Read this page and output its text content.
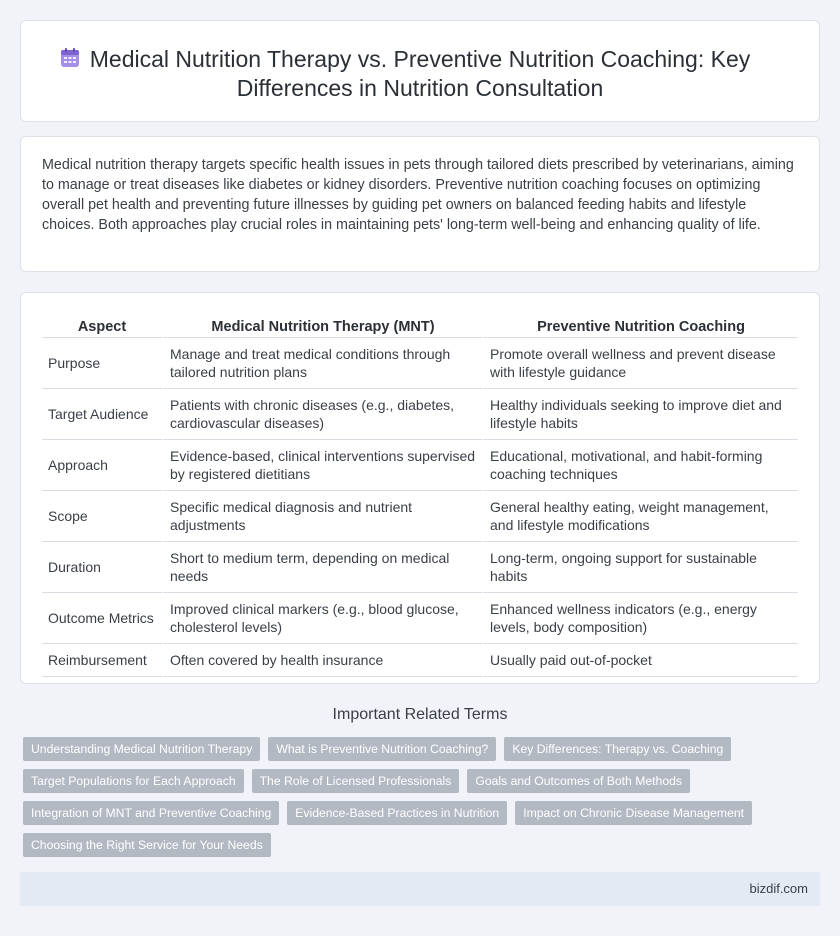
Medical Nutrition Therapy vs. Preventive Nutrition Coaching: Key
Differences in Nutrition Consultation

Medical nutrition therapy targets specific health issues in pets through tailored diets prescribed by veterinarians, aiming to manage or treat diseases like diabetes or kidney disorders. Preventive nutrition coaching focuses on optimizing overall pet health and preventing future illnesses by guiding pet owners on balanced feeding habits and lifestyle choices. Both approaches play crucial roles in maintaining pets' long-term well-being and enhancing quality of life.

Aspect	Medical Nutrition Therapy (MNT)	Preventive Nutrition Coaching
Purpose	Manage and treat medical conditions through tailored nutrition plans	Promote overall wellness and prevent disease with lifestyle guidance
Target Audience	Patients with chronic diseases (e.g., diabetes, cardiovascular diseases)	Healthy individuals seeking to improve diet and lifestyle habits
Approach	Evidence-based, clinical interventions supervised by registered dietitians	Educational, motivational, and habit-forming coaching techniques
Scope	Specific medical diagnosis and nutrient adjustments	General healthy eating, weight management, and lifestyle modifications
Duration	Short to medium term, depending on medical needs	Long-term, ongoing support for sustainable habits
Outcome Metrics	Improved clinical markers (e.g., blood glucose, cholesterol levels)	Enhanced wellness indicators (e.g., energy levels, body composition)
Reimbursement	Often covered by health insurance	Usually paid out-of-pocket
Important Related Terms
Understanding Medical Nutrition Therapy	What is Preventive Nutrition Coaching?	Key Differences: Therapy vs. Coaching
Target Populations for Each Approach	The Role of Licensed Professionals	Goals and Outcomes of Both Methods
Integration of MNT and Preventive Coaching	Evidence-Based Practices in Nutrition	Impact on Chronic Disease Management
Choosing the Right Service for Your Needs
bizdif.com
